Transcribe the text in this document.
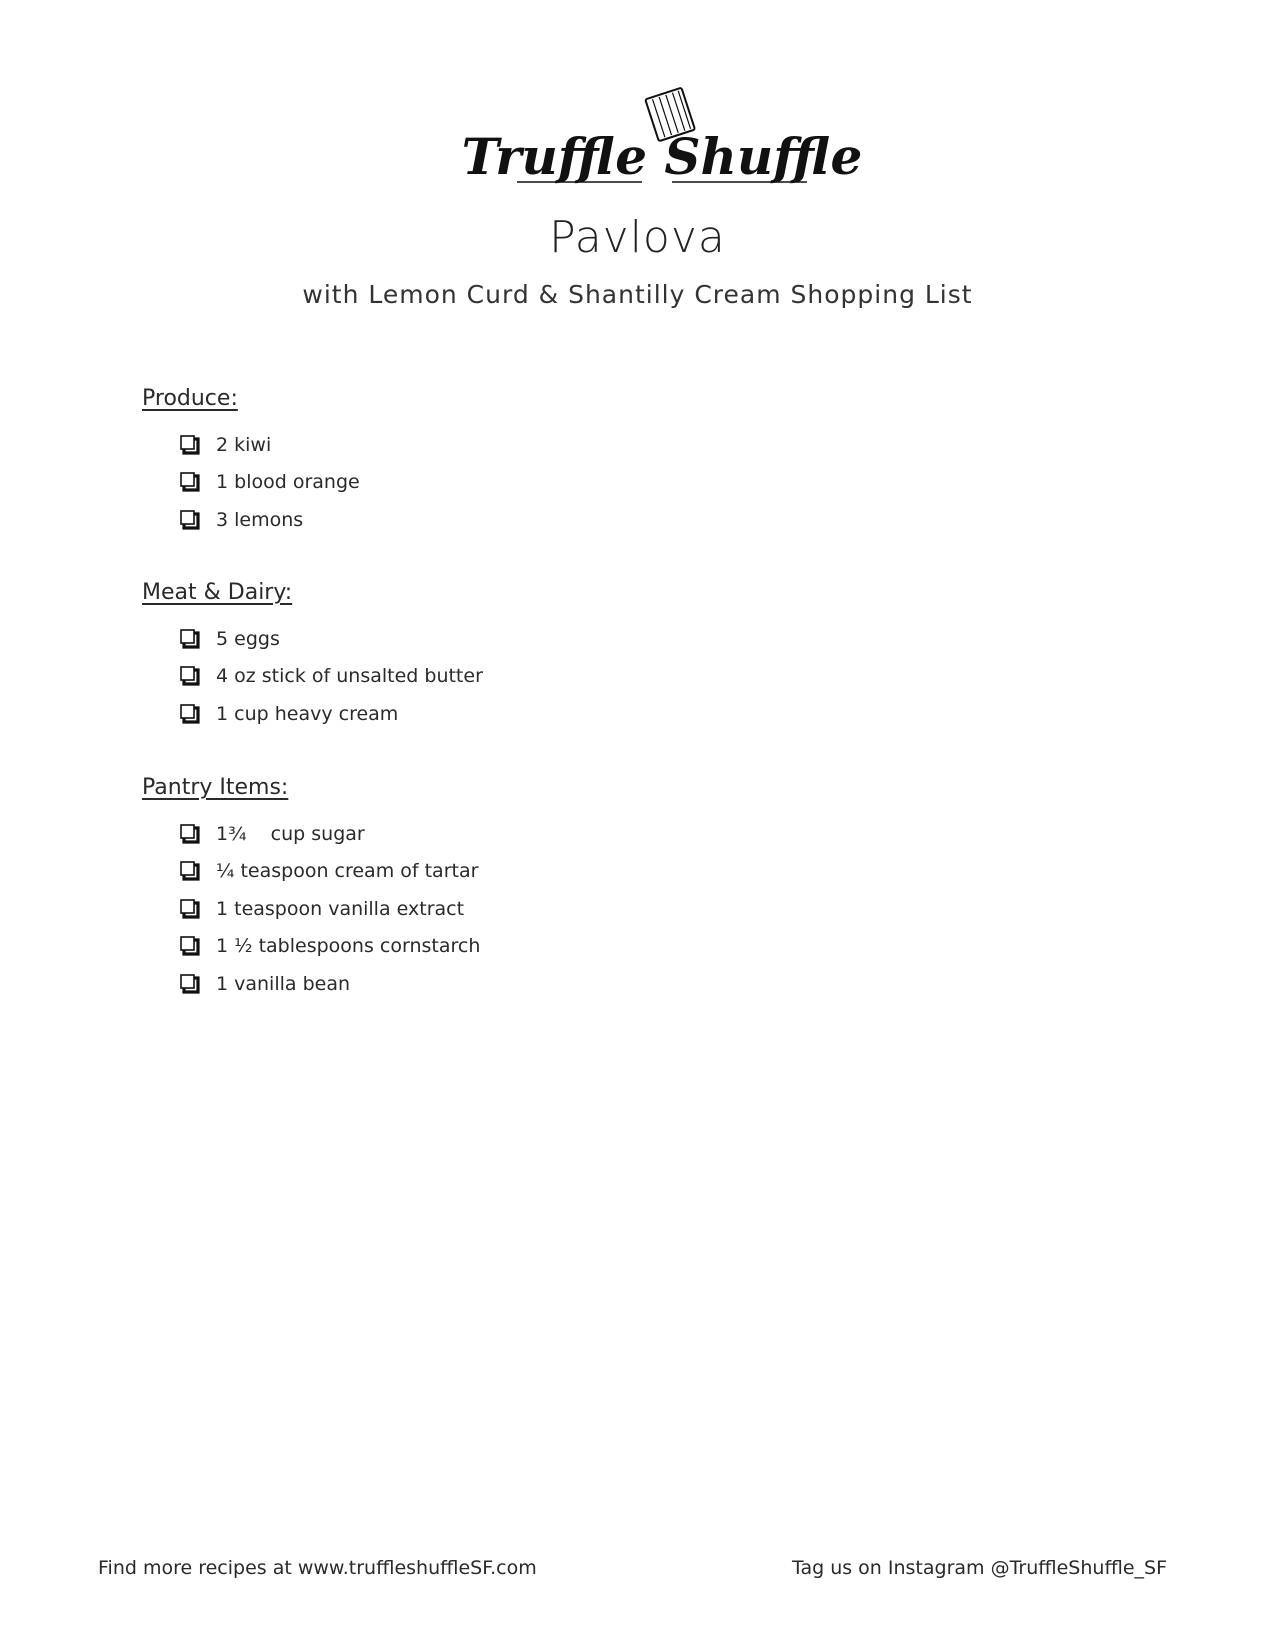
Truffle Shuffle
Pavlova
with Lemon Curd & Shantilly Cream Shopping List
Produce:
2 kiwi
1 blood orange
3 lemons
Meat & Dairy:
5 eggs
4 oz stick of unsalted butter
1 cup heavy cream
Pantry Items:
1¾    cup sugar
¼ teaspoon cream of tartar
1 teaspoon vanilla extract
1 ½ tablespoons cornstarch
1 vanilla bean
Find more recipes at www.truffleshuffleSF.com	Tag us on Instagram @TruffleShuffle_SF
